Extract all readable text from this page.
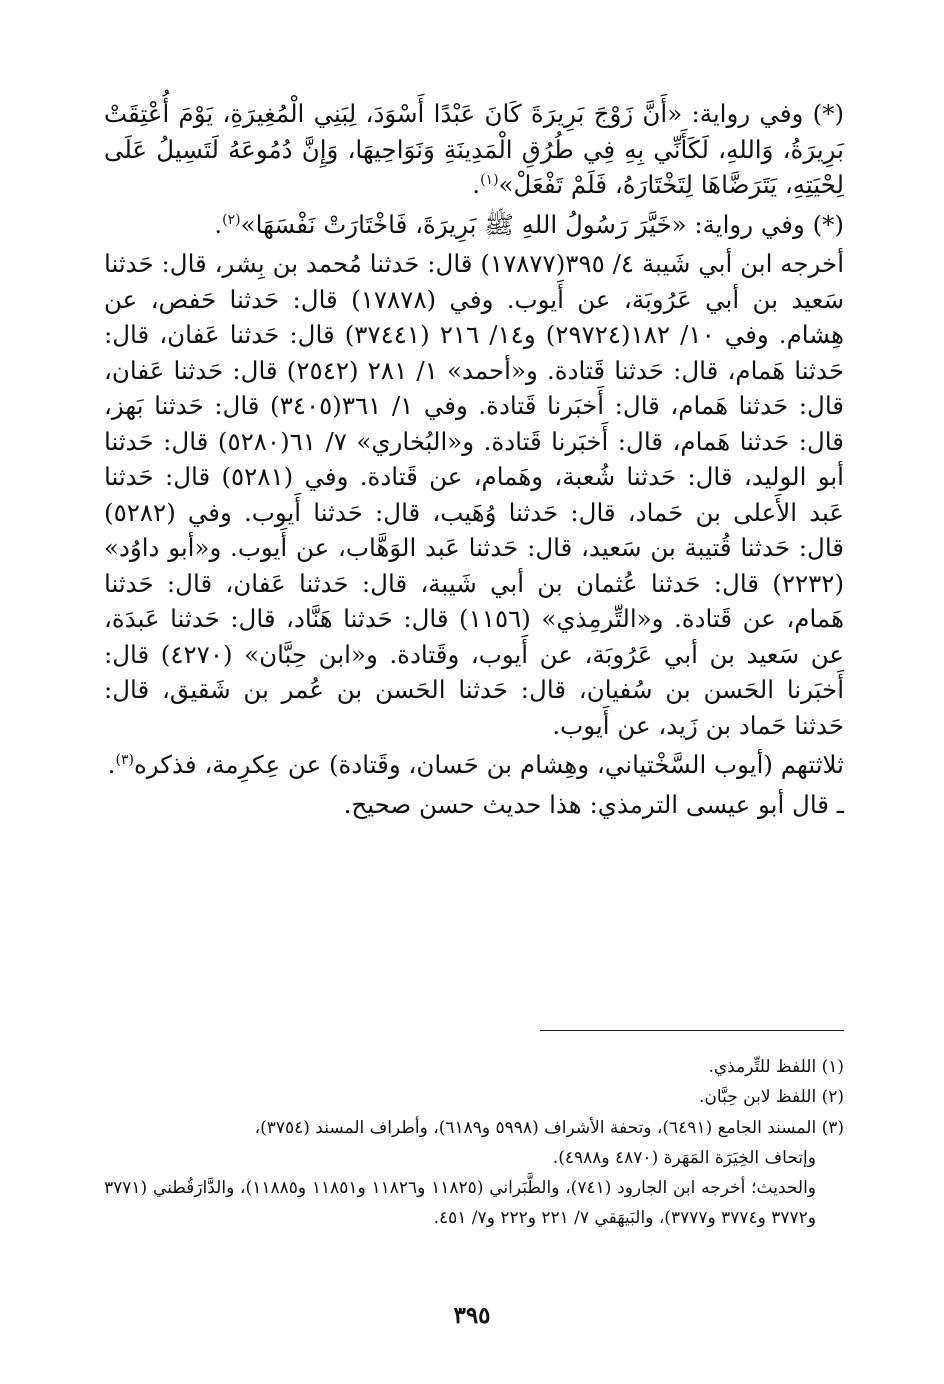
(*) وفي رواية: «أَنَّ زَوْجَ بَرِيرَةَ كَانَ عَبْدًا أَسْوَدَ، لِبَنِي الْمُغِيرَةِ، يَوْمَ أُعْتِقَتْ بَرِيرَةُ، وَاللهِ، لَكَأَنِّي بِهِ فِي طُرُقِ الْمَدِينَةِ وَنَوَاحِيهَا، وَإِنَّ دُمُوعَهُ لَتَسِيلُ عَلَى لِحْيَتِهِ، يَتَرَضَّاهَا لِتَخْتَارَهُ، فَلَمْ تَفْعَلْ»$^{(١)}$.

(*) وفي رواية: «خَيَّرَ رَسُولُ اللهِ ﷺ بَرِيرَةَ، فَاخْتَارَتْ نَفْسَهَا»$^{(٢)}$.

أخرجه ابن أبي شَيبة ٤/ ٣٩٥(١٧٨٧٧) قال: حَدثنا مُحمد بن بِشر، قال: حَدثنا سَعيد بن أبي عَرُوبَة، عن أَيوب. وفي (١٧٨٧٨) قال: حَدثنا حَفص، عن هِشام. وفي ١٠/ ١٨٢(٢٩٧٢٤) و١٤/ ٢١٦ (٣٧٤٤١) قال: حَدثنا عَفان، قال: حَدثنا هَمام، قال: حَدثنا قَتادة. و«أحمد» ١/ ٢٨١ (٢٥٤٢) قال: حَدثنا عَفان، قال: حَدثنا هَمام، قال: أَخبَرنا قَتادة. وفي ١/ ٣٦١(٣٤٠٥) قال: حَدثنا بَهز، قال: حَدثنا هَمام، قال: أَخبَرنا قَتادة. و«البُخاري» ٧/ ٦١(٥٢٨٠) قال: حَدثنا أبو الوليد، قال: حَدثنا شُعبة، وهَمام، عن قَتادة. وفي (٥٢٨١) قال: حَدثنا عَبد الأَعلى بن حَماد، قال: حَدثنا وُهَيب، قال: حَدثنا أَيوب. وفي (٥٢٨٢) قال: حَدثنا قُتيبة بن سَعيد، قال: حَدثنا عَبد الوَهَّاب، عن أَيوب. و«أبو داوُد» (٢٢٣٢) قال: حَدثنا عُثمان بن أبي شَيبة، قال: حَدثنا عَفان، قال: حَدثنا هَمام، عن قَتادة. و«التِّرمِذي» (١١٥٦) قال: حَدثنا هَنَّاد، قال: حَدثنا عَبدَة، عن سَعيد بن أبي عَرُوبَة، عن أَيوب، وقَتادة. و«ابن حِبَّان» (٤٢٧٠) قال: أَخبَرنا الحَسن بن سُفيان، قال: حَدثنا الحَسن بن عُمر بن شَقيق، قال: حَدثنا حَماد بن زَيد، عن أَيوب.

ثلاثتهم (أيوب السَّخْتياني، وهِشام بن حَسان، وقَتادة) عن عِكرِمة، فذكره$^{(٣)}$.

ـ قال أبو عيسى الترمذي: هذا حديث حسن صحيح.

(١) اللفظ للتِّرمذي.

(٢) اللفظ لابن حِبَّان.

(٣) المسند الجامع (٦٤٩١)، وتحفة الأشراف (٥٩٩٨ و٦١٨٩)، وأطراف المسند (٣٧٥٤)،

وإتحاف الخِيَرَة المَهَرة (٤٨٧٠ و٤٩٨٨).

والحديث؛ أخرجه ابن الجارود (٧٤١)، والطَّبَراني (١١٨٢٥ و١١٨٢٦ و١١٨٥١ و١١٨٨٥)، والدَّارَقُطني (٣٧٧١ و٣٧٧٢ و٣٧٧٤ و٣٧٧٧)، والبَيهَقي ٧/ ٢٢١ و٢٢٢ و٧/ ٤٥١.

٣٩٥
